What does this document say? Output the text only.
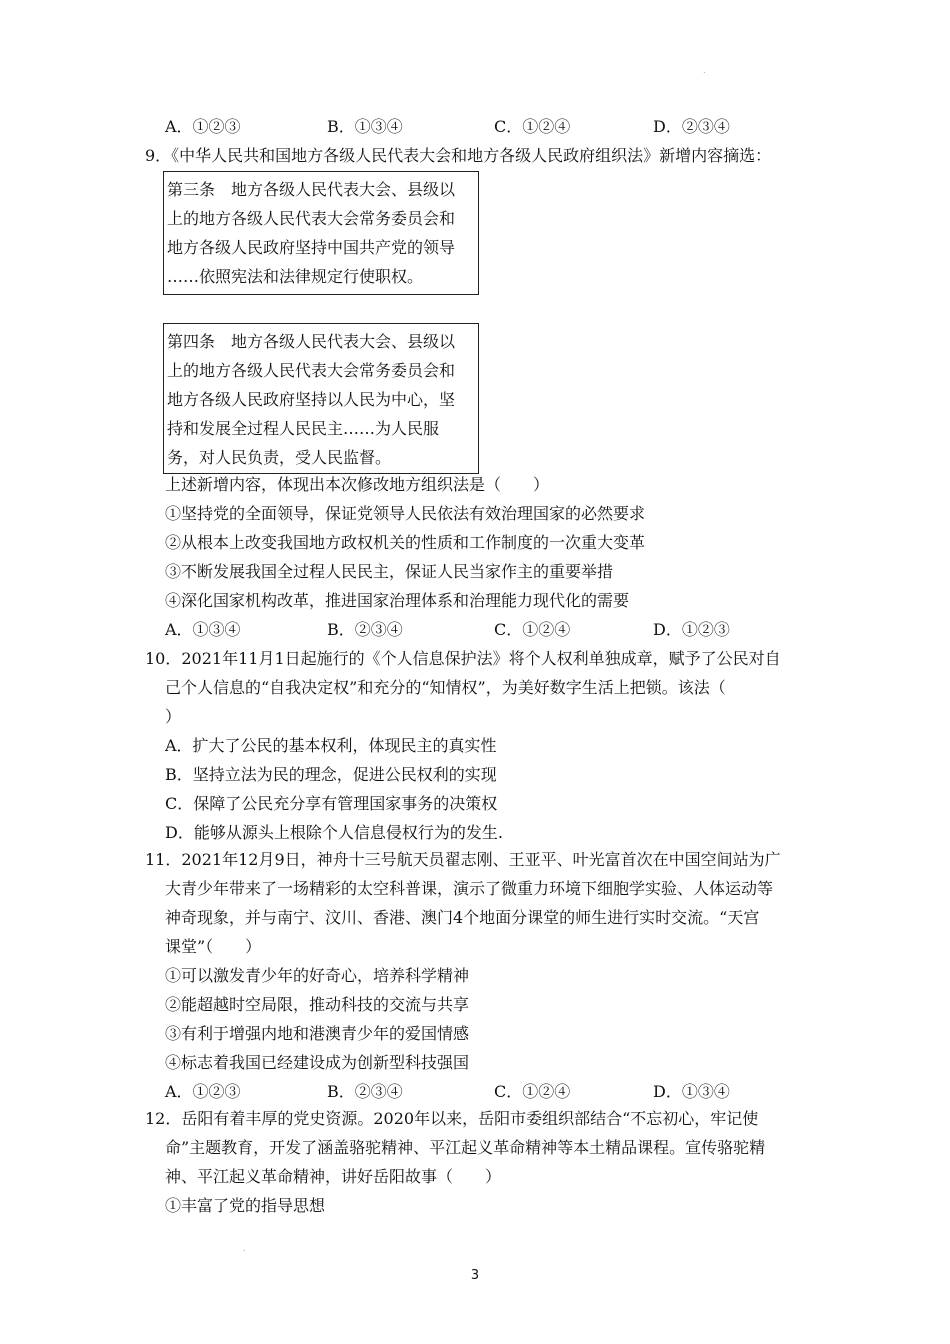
.
A．①②③	B．①③④	C．①②④	D．②③④
9．《中华人民共和国地方各级人民代表大会和地方各级人民政府组织法》新增内容摘选：
第三条　地方各级人民代表大会、县级以
上的地方各级人民代表大会常务委员会和
地方各级人民政府坚持中国共产党的领导
……依照宪法和法律规定行使职权。
第四条　地方各级人民代表大会、县级以
上的地方各级人民代表大会常务委员会和
地方各级人民政府坚持以人民为中心，坚
持和发展全过程人民民主……为人民服
务，对人民负责，受人民监督。
上述新增内容，体现出本次修改地方组织法是（　　）
①坚持党的全面领导，保证党领导人民依法有效治理国家的必然要求
②从根本上改变我国地方政权机关的性质和工作制度的一次重大变革
③不断发展我国全过程人民民主，保证人民当家作主的重要举措
④深化国家机构改革，推进国家治理体系和治理能力现代化的需要
A．①③④	B．②③④	C．①②④	D．①②③
10．2021年11月1日起施行的《个人信息保护法》将个人权利单独成章，赋予了公民对自
己个人信息的“自我决定权”和充分的“知情权”，为美好数字生活上把锁。该法（
）
A．扩大了公民的基本权利，体现民主的真实性
B．坚持立法为民的理念，促进公民权利的实现
C．保障了公民充分享有管理国家事务的决策权
D．能够从源头上根除个人信息侵权行为的发生.
11．2021年12月9日，神舟十三号航天员翟志刚、王亚平、叶光富首次在中国空间站为广
大青少年带来了一场精彩的太空科普课，演示了微重力环境下细胞学实验、人体运动等
神奇现象，并与南宁、汶川、香港、澳门4个地面分课堂的师生进行实时交流。“天宫
课堂”（　　）
①可以激发青少年的好奇心，培养科学精神
②能超越时空局限，推动科技的交流与共享
③有利于增强内地和港澳青少年的爱国情感
④标志着我国已经建设成为创新型科技强国
A．①②③	B．②③④	C．①②④	D．①③④
12．岳阳有着丰厚的党史资源。2020年以来，岳阳市委组织部结合“不忘初心，牢记使
命”主题教育，开发了涵盖骆驼精神、平江起义革命精神等本土精品课程。宣传骆驼精
神、平江起义革命精神，讲好岳阳故事（　　）
①丰富了党的指导思想
.
3
